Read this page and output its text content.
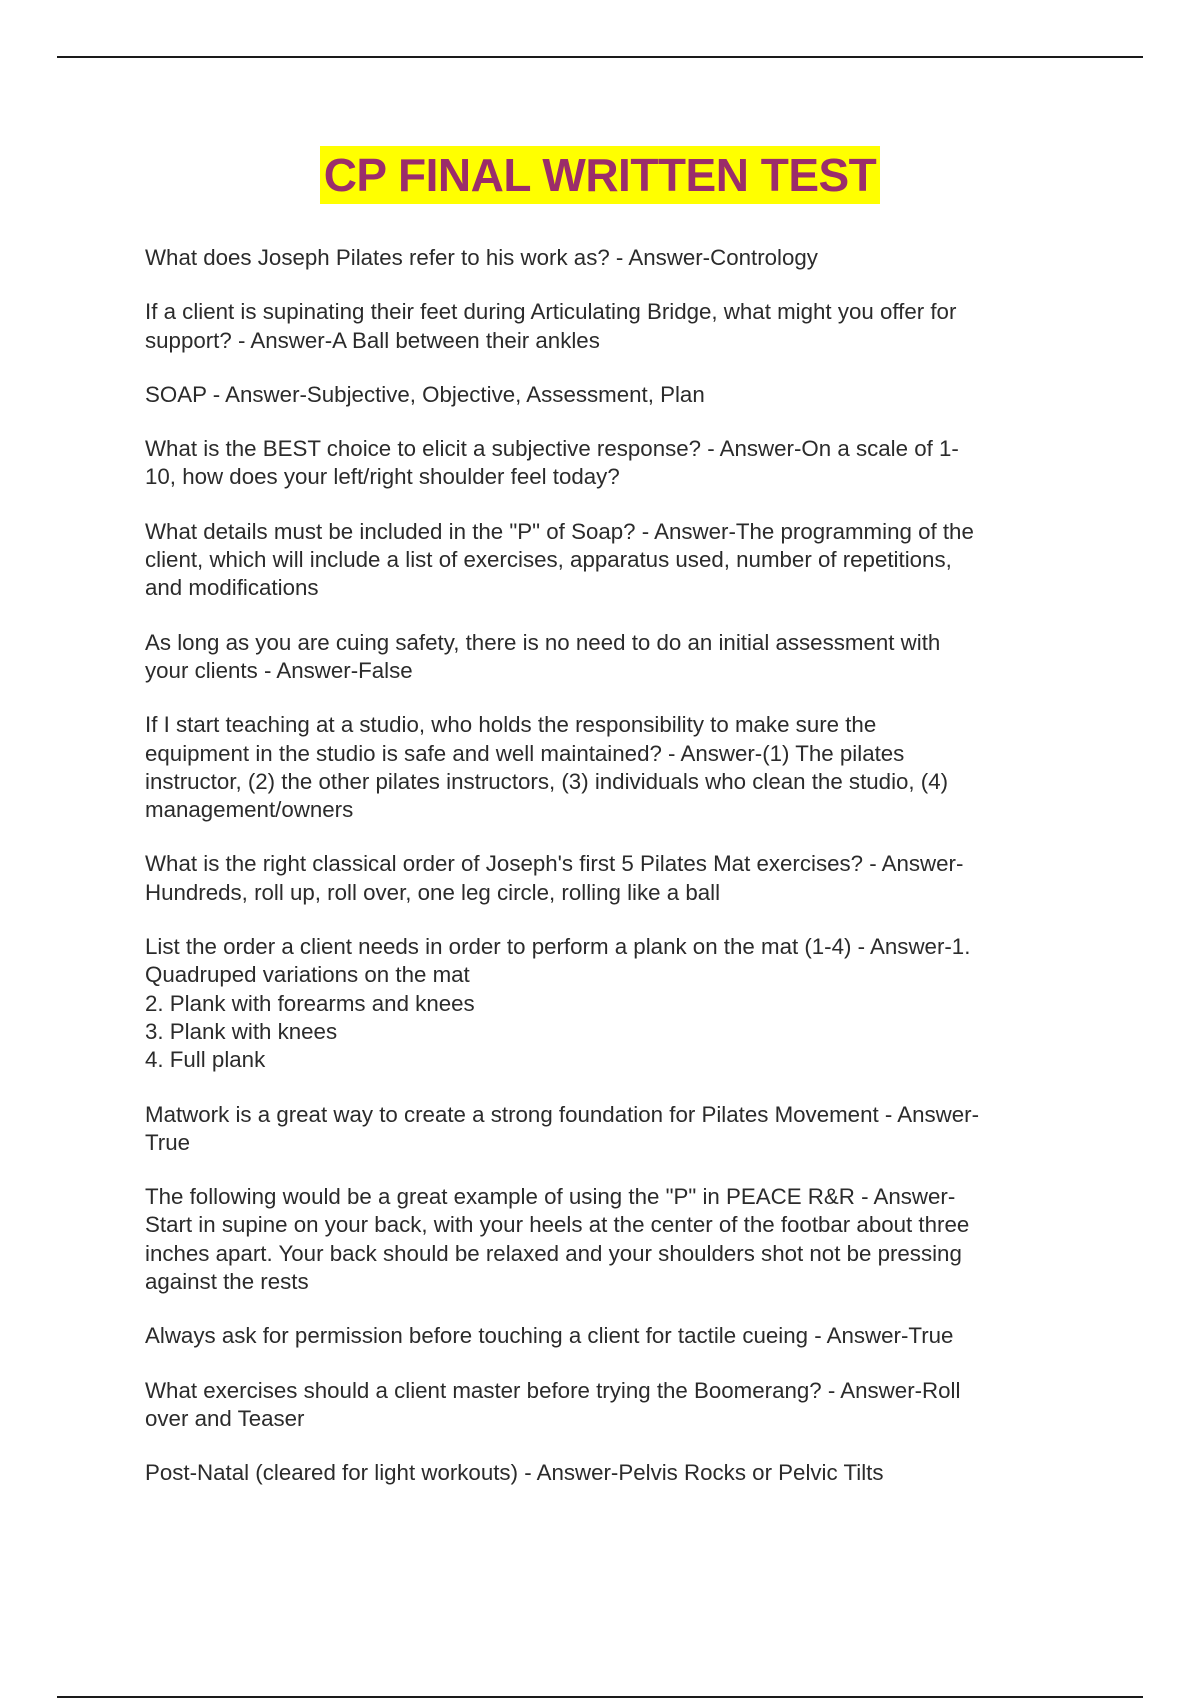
CP FINAL WRITTEN TEST
What does Joseph Pilates refer to his work as? - Answer-Contrology
If a client is supinating their feet during Articulating Bridge, what might you offer for
support? - Answer-A Ball between their ankles
SOAP - Answer-Subjective, Objective, Assessment, Plan
What is the BEST choice to elicit a subjective response? - Answer-On a scale of 1-
10, how does your left/right shoulder feel today?
What details must be included in the "P" of Soap? - Answer-The programming of the
client, which will include a list of exercises, apparatus used, number of repetitions,
and modifications
As long as you are cuing safety, there is no need to do an initial assessment with
your clients - Answer-False
If I start teaching at a studio, who holds the responsibility to make sure the
equipment in the studio is safe and well maintained? - Answer-(1) The pilates
instructor, (2) the other pilates instructors, (3) individuals who clean the studio, (4)
management/owners
What is the right classical order of Joseph's first 5 Pilates Mat exercises? - Answer-
Hundreds, roll up, roll over, one leg circle, rolling like a ball
List the order a client needs in order to perform a plank on the mat (1-4) - Answer-1.
Quadruped variations on the mat
2. Plank with forearms and knees
3. Plank with knees
4. Full plank
Matwork is a great way to create a strong foundation for Pilates Movement - Answer-
True
The following would be a great example of using the "P" in PEACE R&R - Answer-
Start in supine on your back, with your heels at the center of the footbar about three
inches apart. Your back should be relaxed and your shoulders shot not be pressing
against the rests
Always ask for permission before touching a client for tactile cueing - Answer-True
What exercises should a client master before trying the Boomerang? - Answer-Roll
over and Teaser
Post-Natal (cleared for light workouts) - Answer-Pelvis Rocks or Pelvic Tilts
